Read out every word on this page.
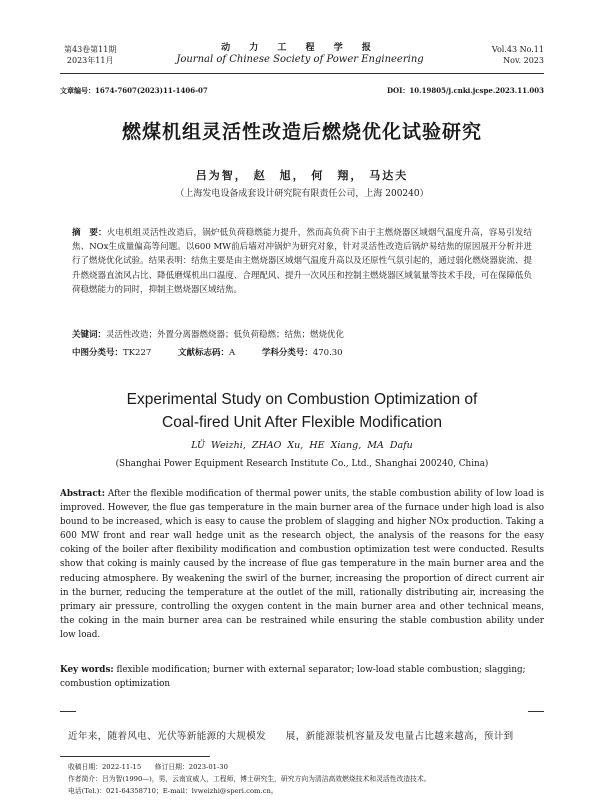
第43卷第11期
2023年11月
动 力 工 程 学 报
Journal of Chinese Society of Power Engineering
Vol.43 No.11
Nov. 2023
文章编号：1674-7607(2023)11-1406-07	DOI：10.19805/j.cnki.jcspe.2023.11.003
燃煤机组灵活性改造后燃烧优化试验研究
吕为智， 赵　旭， 何　翔， 马达夫
（上海发电设备成套设计研究院有限责任公司，上海 200240）
摘　要：火电机组灵活性改造后，锅炉低负荷稳燃能力提升，然而高负荷下由于主燃烧器区域烟气温度升高，容易引发结焦、NOx生成量偏高等问题。以600 MW前后墙对冲锅炉为研究对象，针对灵活性改造后锅炉易结焦的原因展开分析并进行了燃烧优化试验。结果表明：结焦主要是由主燃烧器区域烟气温度升高以及还原性气氛引起的，通过弱化燃烧器旋流、提升燃烧器直流风占比、降低磨煤机出口温度、合理配风、提升一次风压和控制主燃烧器区域氧量等技术手段，可在保障低负荷稳燃能力的同时，抑制主燃烧器区域结焦。
关键词：灵活性改造；外置分离器燃烧器；低负荷稳燃；结焦；燃烧优化
中图分类号：TK227	文献标志码：A	学科分类号：470.30
Experimental Study on Combustion Optimization of
Coal-fired Unit After Flexible Modification
LÜ Weizhi, ZHAO Xu, HE Xiang, MA Dafu
(Shanghai Power Equipment Research Institute Co., Ltd., Shanghai 200240, China)
Abstract: After the flexible modification of thermal power units, the stable combustion ability of low load is improved. However, the flue gas temperature in the main burner area of the furnace under high load is also bound to be increased, which is easy to cause the problem of slagging and higher NOx production. Taking a 600 MW front and rear wall hedge unit as the research object, the analysis of the reasons for the easy coking of the boiler after flexibility modification and combustion optimization test were conducted. Results show that coking is mainly caused by the increase of flue gas temperature in the main burner area and the reducing atmosphere. By weakening the swirl of the burner, increasing the proportion of direct current air in the burner, reducing the temperature at the outlet of the mill, rationally distributing air, increasing the primary air pressure, controlling the oxygen content in the main burner area and other technical means, the coking in the main burner area can be restrained while ensuring the stable combustion ability under low load.
Key words: flexible modification; burner with external separator; low-load stable combustion; slagging; combustion optimization
近年来，随着风电、光伏等新能源的大规模发　　展，新能源装机容量及发电量占比越来越高，预计到
收稿日期：2022-11-15　　修订日期：2023-01-30
作者简介：吕为智(1990—)，男，云南宣威人，工程师，博士研究生，研究方向为清洁高效燃烧技术和灵活性改造技术。
电话(Tel.)：021-64358710；E-mail：lvweizhi@speri.com.cn。
